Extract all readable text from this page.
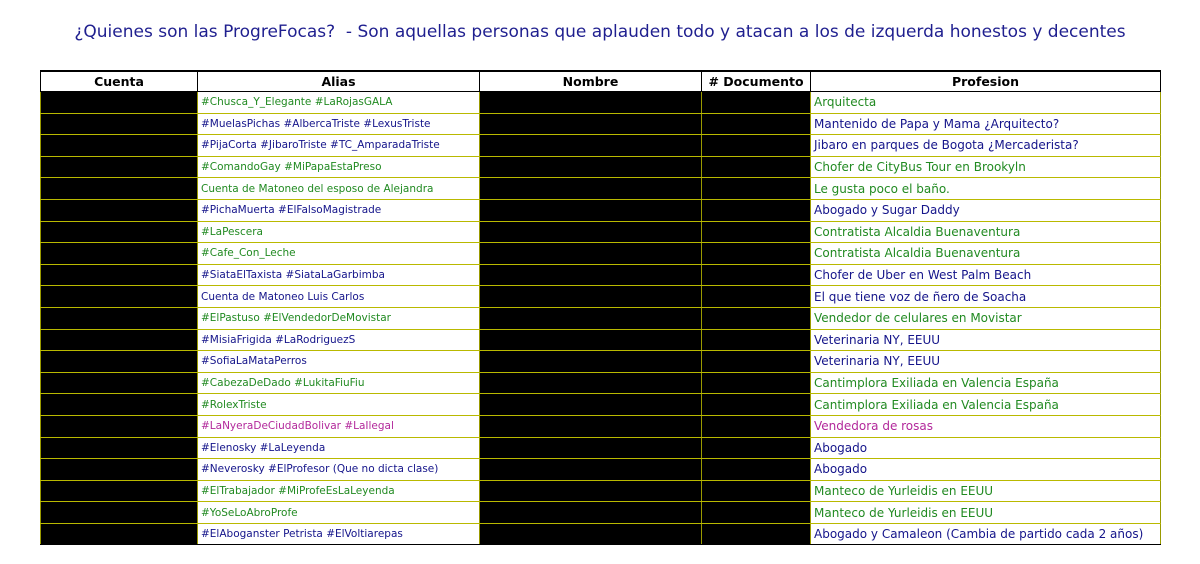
¿Quienes son las ProgreFocas?  - Son aquellas personas que aplauden todo y atacan a los de izquerda honestos y decentes
Cuenta	Alias	Nombre	# Documento	Profesion
	#Chusca_Y_Elegante #LaRojasGALA			Arquitecta
	#MuelasPichas #AlbercaTriste #LexusTriste			Mantenido de Papa y Mama ¿Arquitecto?
	#PijaCorta #JibaroTriste #TC_AmparadaTriste			Jibaro en parques de Bogota ¿Mercaderista?
	#ComandoGay #MiPapaEstaPreso			Chofer de CityBus Tour en Brookyln
	Cuenta de Matoneo del esposo de Alejandra			Le gusta poco el baño.
	#PichaMuerta #ElFalsoMagistrade			Abogado y Sugar Daddy
	#LaPescera			Contratista Alcaldia Buenaventura
	#Cafe_Con_Leche			Contratista Alcaldia Buenaventura
	#SiataElTaxista #SiataLaGarbimba			Chofer de Uber en West Palm Beach
	Cuenta de Matoneo Luis Carlos			El que tiene voz de ñero de Soacha
	#ElPastuso #ElVendedorDeMovistar			Vendedor de celulares en Movistar
	#MisiaFrigida #LaRodriguezS			Veterinaria NY, EEUU
	#SofiaLaMataPerros			Veterinaria NY, EEUU
	#CabezaDeDado #LukitaFiuFiu			Cantimplora Exiliada en Valencia España
	#RolexTriste			Cantimplora Exiliada en Valencia España
	#LaNyeraDeCiudadBolivar #LaIlegal			Vendedora de rosas
	#Elenosky #LaLeyenda			Abogado
	#Neverosky #ElProfesor (Que no dicta clase)			Abogado
	#ElTrabajador #MiProfeEsLaLeyenda			Manteco de Yurleidis en EEUU
	#YoSeLoAbroProfe			Manteco de Yurleidis en EEUU
	#ElAboganster Petrista #ElVoltiarepas			Abogado y Camaleon (Cambia de partido cada 2 años)
